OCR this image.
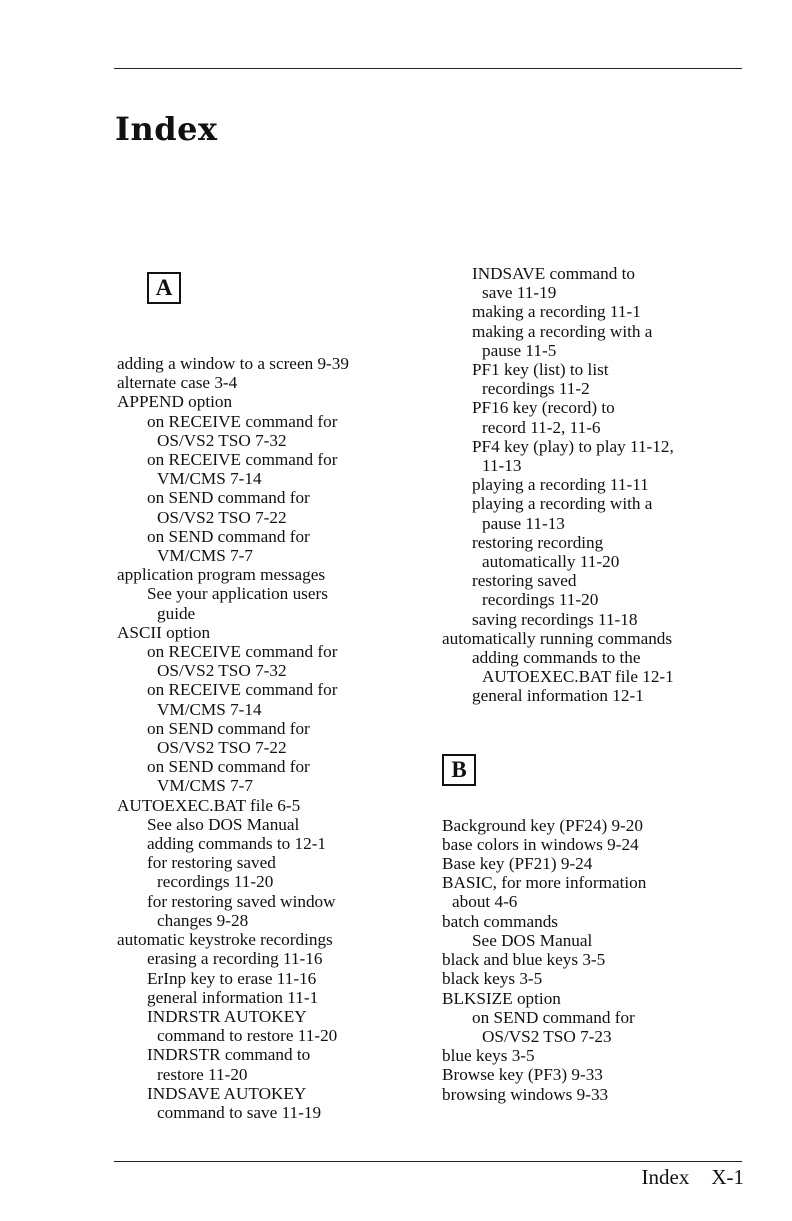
Index
A
adding a window to a screen 9-39
alternate case 3-4
APPEND option
on RECEIVE command for
OS/VS2 TSO 7-32
on RECEIVE command for
VM/CMS 7-14
on SEND command for
OS/VS2 TSO 7-22
on SEND command for
VM/CMS 7-7
application program messages
See your application users
guide
ASCII option
on RECEIVE command for
OS/VS2 TSO 7-32
on RECEIVE command for
VM/CMS 7-14
on SEND command for
OS/VS2 TSO 7-22
on SEND command for
VM/CMS 7-7
AUTOEXEC.BAT file 6-5
See also DOS Manual
adding commands to 12-1
for restoring saved
recordings 11-20
for restoring saved window
changes 9-28
automatic keystroke recordings
erasing a recording 11-16
ErInp key to erase 11-16
general information 11-1
INDRSTR AUTOKEY
command to restore 11-20
INDRSTR command to
restore 11-20
INDSAVE AUTOKEY
command to save 11-19
INDSAVE command to
save 11-19
making a recording 11-1
making a recording with a
pause 11-5
PF1 key (list) to list
recordings 11-2
PF16 key (record) to
record 11-2, 11-6
PF4 key (play) to play 11-12,
11-13
playing a recording 11-11
playing a recording with a
pause 11-13
restoring recording
automatically 11-20
restoring saved
recordings 11-20
saving recordings 11-18
automatically running commands
adding commands to the
AUTOEXEC.BAT file 12-1
general information 12-1
B
Background key (PF24) 9-20
base colors in windows 9-24
Base key (PF21) 9-24
BASIC, for more information
about 4-6
batch commands
See DOS Manual
black and blue keys 3-5
black keys 3-5
BLKSIZE option
on SEND command for
OS/VS2 TSO 7-23
blue keys 3-5
Browse key (PF3) 9-33
browsing windows 9-33
Index X-1
